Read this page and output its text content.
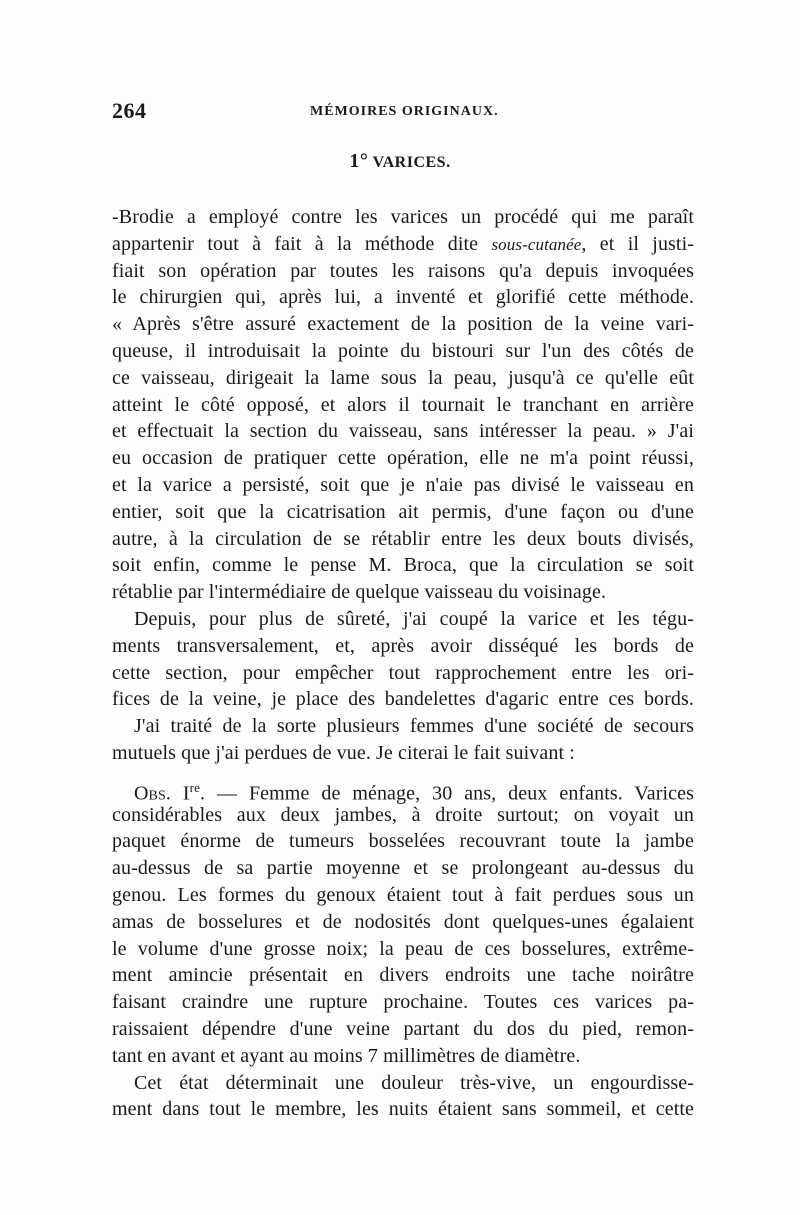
264	MÉMOIRES ORIGINAUX.
1° VARICES.
-Brodie a employé contre les varices un procédé qui me paraît
appartenir tout à fait à la méthode dite sous-cutanée, et il justi-
fiait son opération par toutes les raisons qu'a depuis invoquées
le chirurgien qui, après lui, a inventé et glorifié cette méthode.
« Après s'être assuré exactement de la position de la veine vari-
queuse, il introduisait la pointe du bistouri sur l'un des côtés de
ce vaisseau, dirigeait la lame sous la peau, jusqu'à ce qu'elle eût
atteint le côté opposé, et alors il tournait le tranchant en arrière
et effectuait la section du vaisseau, sans intéresser la peau. » J'ai
eu occasion de pratiquer cette opération, elle ne m'a point réussi,
et la varice a persisté, soit que je n'aie pas divisé le vaisseau en
entier, soit que la cicatrisation ait permis, d'une façon ou d'une
autre, à la circulation de se rétablir entre les deux bouts divisés,
soit enfin, comme le pense M. Broca, que la circulation se soit
rétablie par l'intermédiaire de quelque vaisseau du voisinage.
Depuis, pour plus de sûreté, j'ai coupé la varice et les tégu-
ments transversalement, et, après avoir disséqué les bords de
cette section, pour empêcher tout rapprochement entre les ori-
fices de la veine, je place des bandelettes d'agaric entre ces bords.
J'ai traité de la sorte plusieurs femmes d'une société de secours
mutuels que j'ai perdues de vue. Je citerai le fait suivant :
Obs. Ire. — Femme de ménage, 30 ans, deux enfants. Varices
considérables aux deux jambes, à droite surtout; on voyait un
paquet énorme de tumeurs bosselées recouvrant toute la jambe
au-dessus de sa partie moyenne et se prolongeant au-dessus du
genou. Les formes du genoux étaient tout à fait perdues sous un
amas de bosselures et de nodosités dont quelques-unes égalaient
le volume d'une grosse noix; la peau de ces bosselures, extrême-
ment amincie présentait en divers endroits une tache noirâtre
faisant craindre une rupture prochaine. Toutes ces varices pa-
raissaient dépendre d'une veine partant du dos du pied, remon-
tant en avant et ayant au moins 7 millimètres de diamètre.
Cet état déterminait une douleur très-vive, un engourdisse-
ment dans tout le membre, les nuits étaient sans sommeil, et cette
